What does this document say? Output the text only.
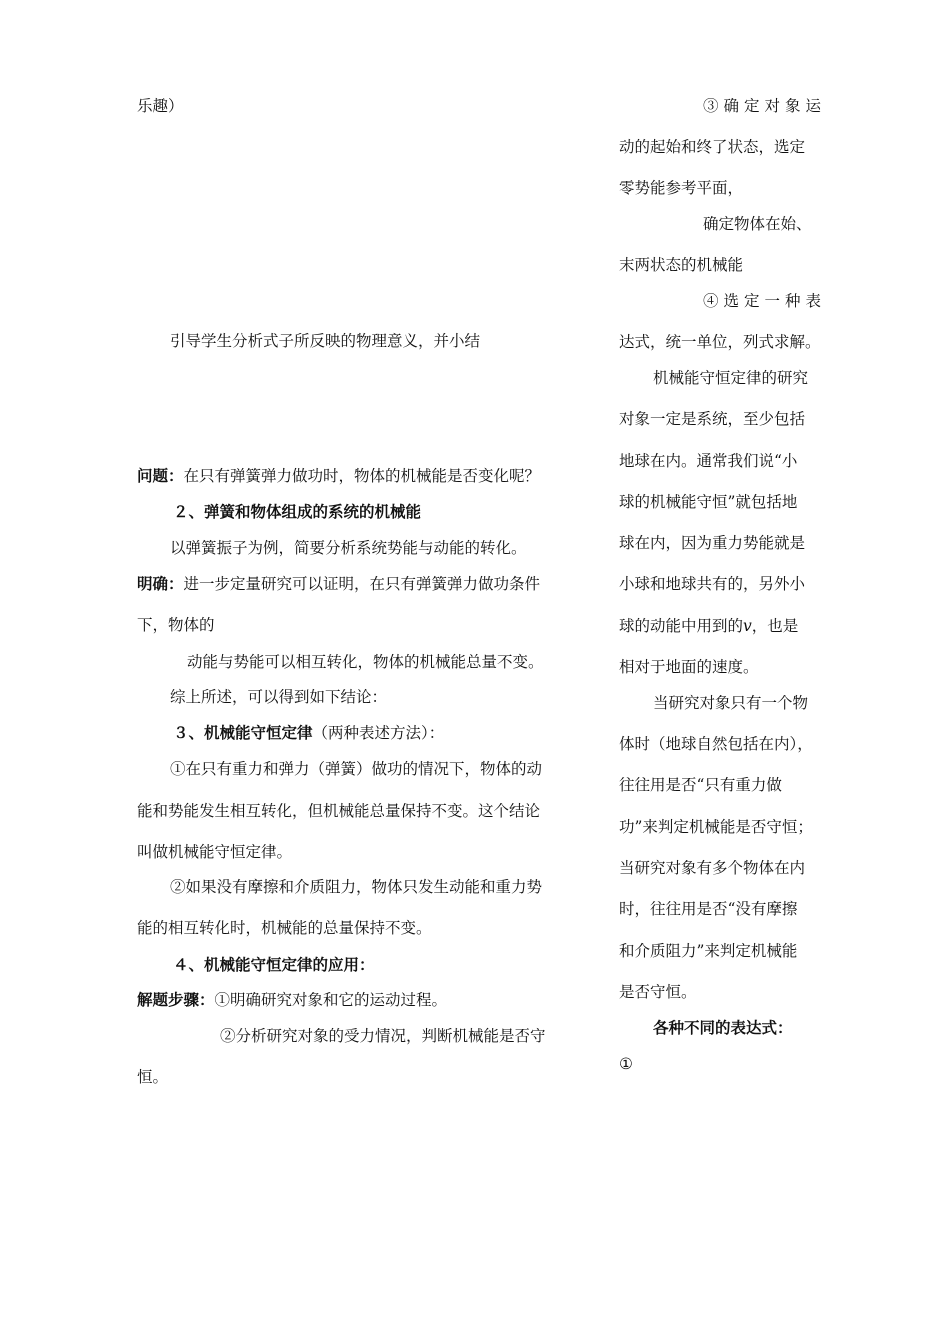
乐趣）
引导学生分析式子所反映的物理意义，并小结
问题：在只有弹簧弹力做功时，物体的机械能是否变化呢？
２、弹簧和物体组成的系统的机械能
以弹簧振子为例，简要分析系统势能与动能的转化。
明确：进一步定量研究可以证明，在只有弹簧弹力做功条件
下，物体的
动能与势能可以相互转化，物体的机械能总量不变。
综上所述，可以得到如下结论：
３、机械能守恒定律（两种表述方法）：
①在只有重力和弹力（弹簧）做功的情况下，物体的动
能和势能发生相互转化，但机械能总量保持不变。这个结论
叫做机械能守恒定律。
②如果没有摩擦和介质阻力，物体只发生动能和重力势
能的相互转化时，机械能的总量保持不变。
４、机械能守恒定律的应用：
解题步骤：①明确研究对象和它的运动过程。
②分析研究对象的受力情况，判断机械能是否守
恒。
③确定对象运
动的起始和终了状态，选定
零势能参考平面，
确定物体在始、
末两状态的机械能
④选定一种表
达式，统一单位，列式求解。
机械能守恒定律的研究
对象一定是系统，至少包括
地球在内。通常我们说“小
球的机械能守恒”就包括地
球在内，因为重力势能就是
小球和地球共有的，另外小
球的动能中用到的v，也是
相对于地面的速度。
当研究对象只有一个物
体时（地球自然包括在内），
往往用是否“只有重力做
功”来判定机械能是否守恒；
当研究对象有多个物体在内
时，往往用是否“没有摩擦
和介质阻力”来判定机械能
是否守恒。
各种不同的表达式：
①
